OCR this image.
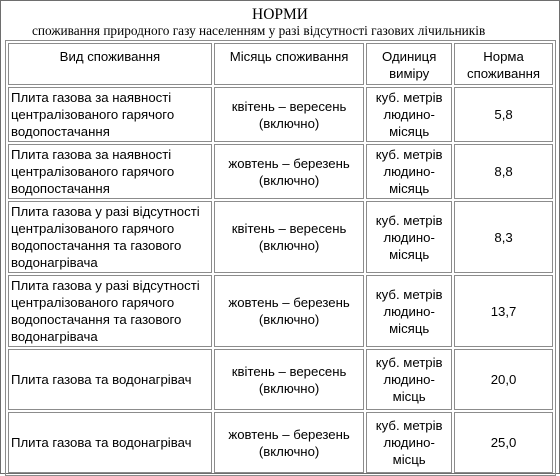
НОРМИ
споживання природного газу населенням у разі відсутності газових лічильників
Вид споживання	Місяць споживання	Одиниця виміру	Норма споживання
Плита газова за наявності централізованого гарячого водопостачання	квітень – вересень (включно)	куб. метрів людино-місяць	5,8
Плита газова за наявності централізованого гарячого водопостачання	жовтень – березень (включно)	куб. метрів людино-місяць	8,8
Плита газова у разі відсутності централізованого гарячого водопостачання та газового водонагрівача	квітень – вересень (включно)	куб. метрів людино-місяць	8,3
Плита газова у разі відсутності централізованого гарячого водопостачання та газового водонагрівача	жовтень – березень (включно)	куб. метрів людино-місяць	13,7
Плита газова та водонагрівач	квітень – вересень (включно)	куб. метрів людино-місць	20,0
Плита газова та водонагрівач	жовтень – березень (включно)	куб. метрів людино-місць	25,0
